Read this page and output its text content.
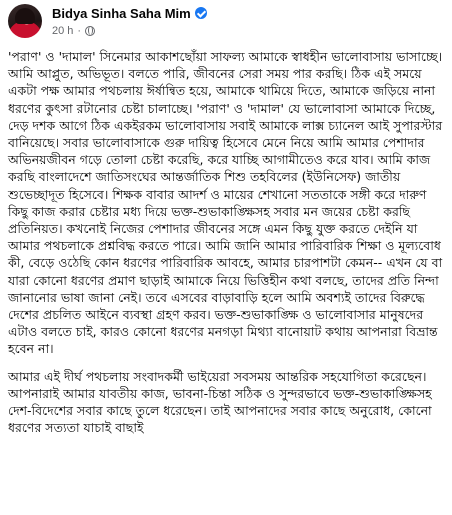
Bidya Sinha Saha Mim
20 h ·

'পরাণ' ও 'দামাল' সিনেমার আকাশছোঁয়া সাফল্য আমাকে স্বাধহীন ভালোবাসায় ভাসাচ্ছে। আমি আপ্লুত, অভিভূত। বলতে পারি, জীবনের সেরা সময় পার করছি। ঠিক এই সময়ে একটা পক্ষ আমার পথচলায় ঈর্ষান্বিত হয়ে, আমাকে থামিয়ে দিতে, আমাকে জড়িয়ে নানা ধরণের কুৎসা রটানোর চেষ্টা চালাচ্ছে। 'পরাণ' ও 'দামাল' যে ভালোবাসা আমাকে দিচ্ছে, দেড় দশক আগে ঠিক একইরকম ভালোবাসায় সবাই আমাকে লাক্স চ্যানেল আই সুপারস্টার বানিয়েছে। সবার ভালোবাসাকে গুরু দায়িত্ব হিসেবে মেনে নিয়ে আমি আমার পেশাদার অভিনয়জীবন গড়ে তোলা চেষ্টা করেছি, করে যাচ্ছি আগামীতেও করে যাব। আমি কাজ করছি বাংলাদেশে জাতিসংঘের আন্তর্জাতিক শিশু তহবিলের (ইউনিসেফ) জাতীয় শুভেচ্ছাদূত হিসেবে। শিক্ষক বাবার আদর্শ ও মায়ের শেখানো সততাকে সঙ্গী করে দারুণ কিছু কাজ করার চেষ্টার মধ্য দিয়ে ভক্ত-শুভাকাঙ্ক্ষিসহ সবার মন জয়ের চেষ্টা করছি প্রতিনিয়ত। কখনোই নিজের পেশাদার জীবনের সঙ্গে এমন কিছু যুক্ত করতে দেইনি যা আমার পথচলাকে প্রশ্নবিদ্ধ করতে পারে। আমি জানি আমার পারিবারিক শিক্ষা ও মূল্যবোধ কী, বেড়ে ওঠেছি কোন ধরণের পারিবারিক আবহে, আমার চারপাশটা কেমন-- এখন যে বা যারা কোনো ধরণের প্রমাণ ছাড়াই আমাকে নিয়ে ভিত্তিহীন কথা বলছে, তাদের প্রতি নিন্দা জানানোর ভাষা জানা নেই। তবে এসবের বাড়াবাড়ি হলে আমি অবশ্যই তাদের বিরুদ্ধে দেশের প্রচলিত আইনে ব্যবস্থা গ্রহণ করব। ভক্ত-শুভাকাঙ্ক্ষি ও ভালোবাসার মানুষদের এটাও বলতে চাই, কারও কোনো ধরণের মনগড়া মিথ্যা বানোয়াট কথায় আপনারা বিভ্রান্ত হবেন না।

আমার এই দীর্ঘ পথচলায় সংবাদকর্মী ভাইয়েরা সবসময় আন্তরিক সহযোগিতা করেছেন। আপনারাই আমার যাবতীয় কাজ, ভাবনা-চিন্তা সঠিক ও সুন্দরভাবে ভক্ত-শুভাকাঙ্ক্ষিসহ দেশ-বিদেশের সবার কাছে তুলে ধরেছেন। তাই আপনাদের সবার কাছে অনুরোধ, কোনো ধরণের সত্যতা যাচাই বাছাই
